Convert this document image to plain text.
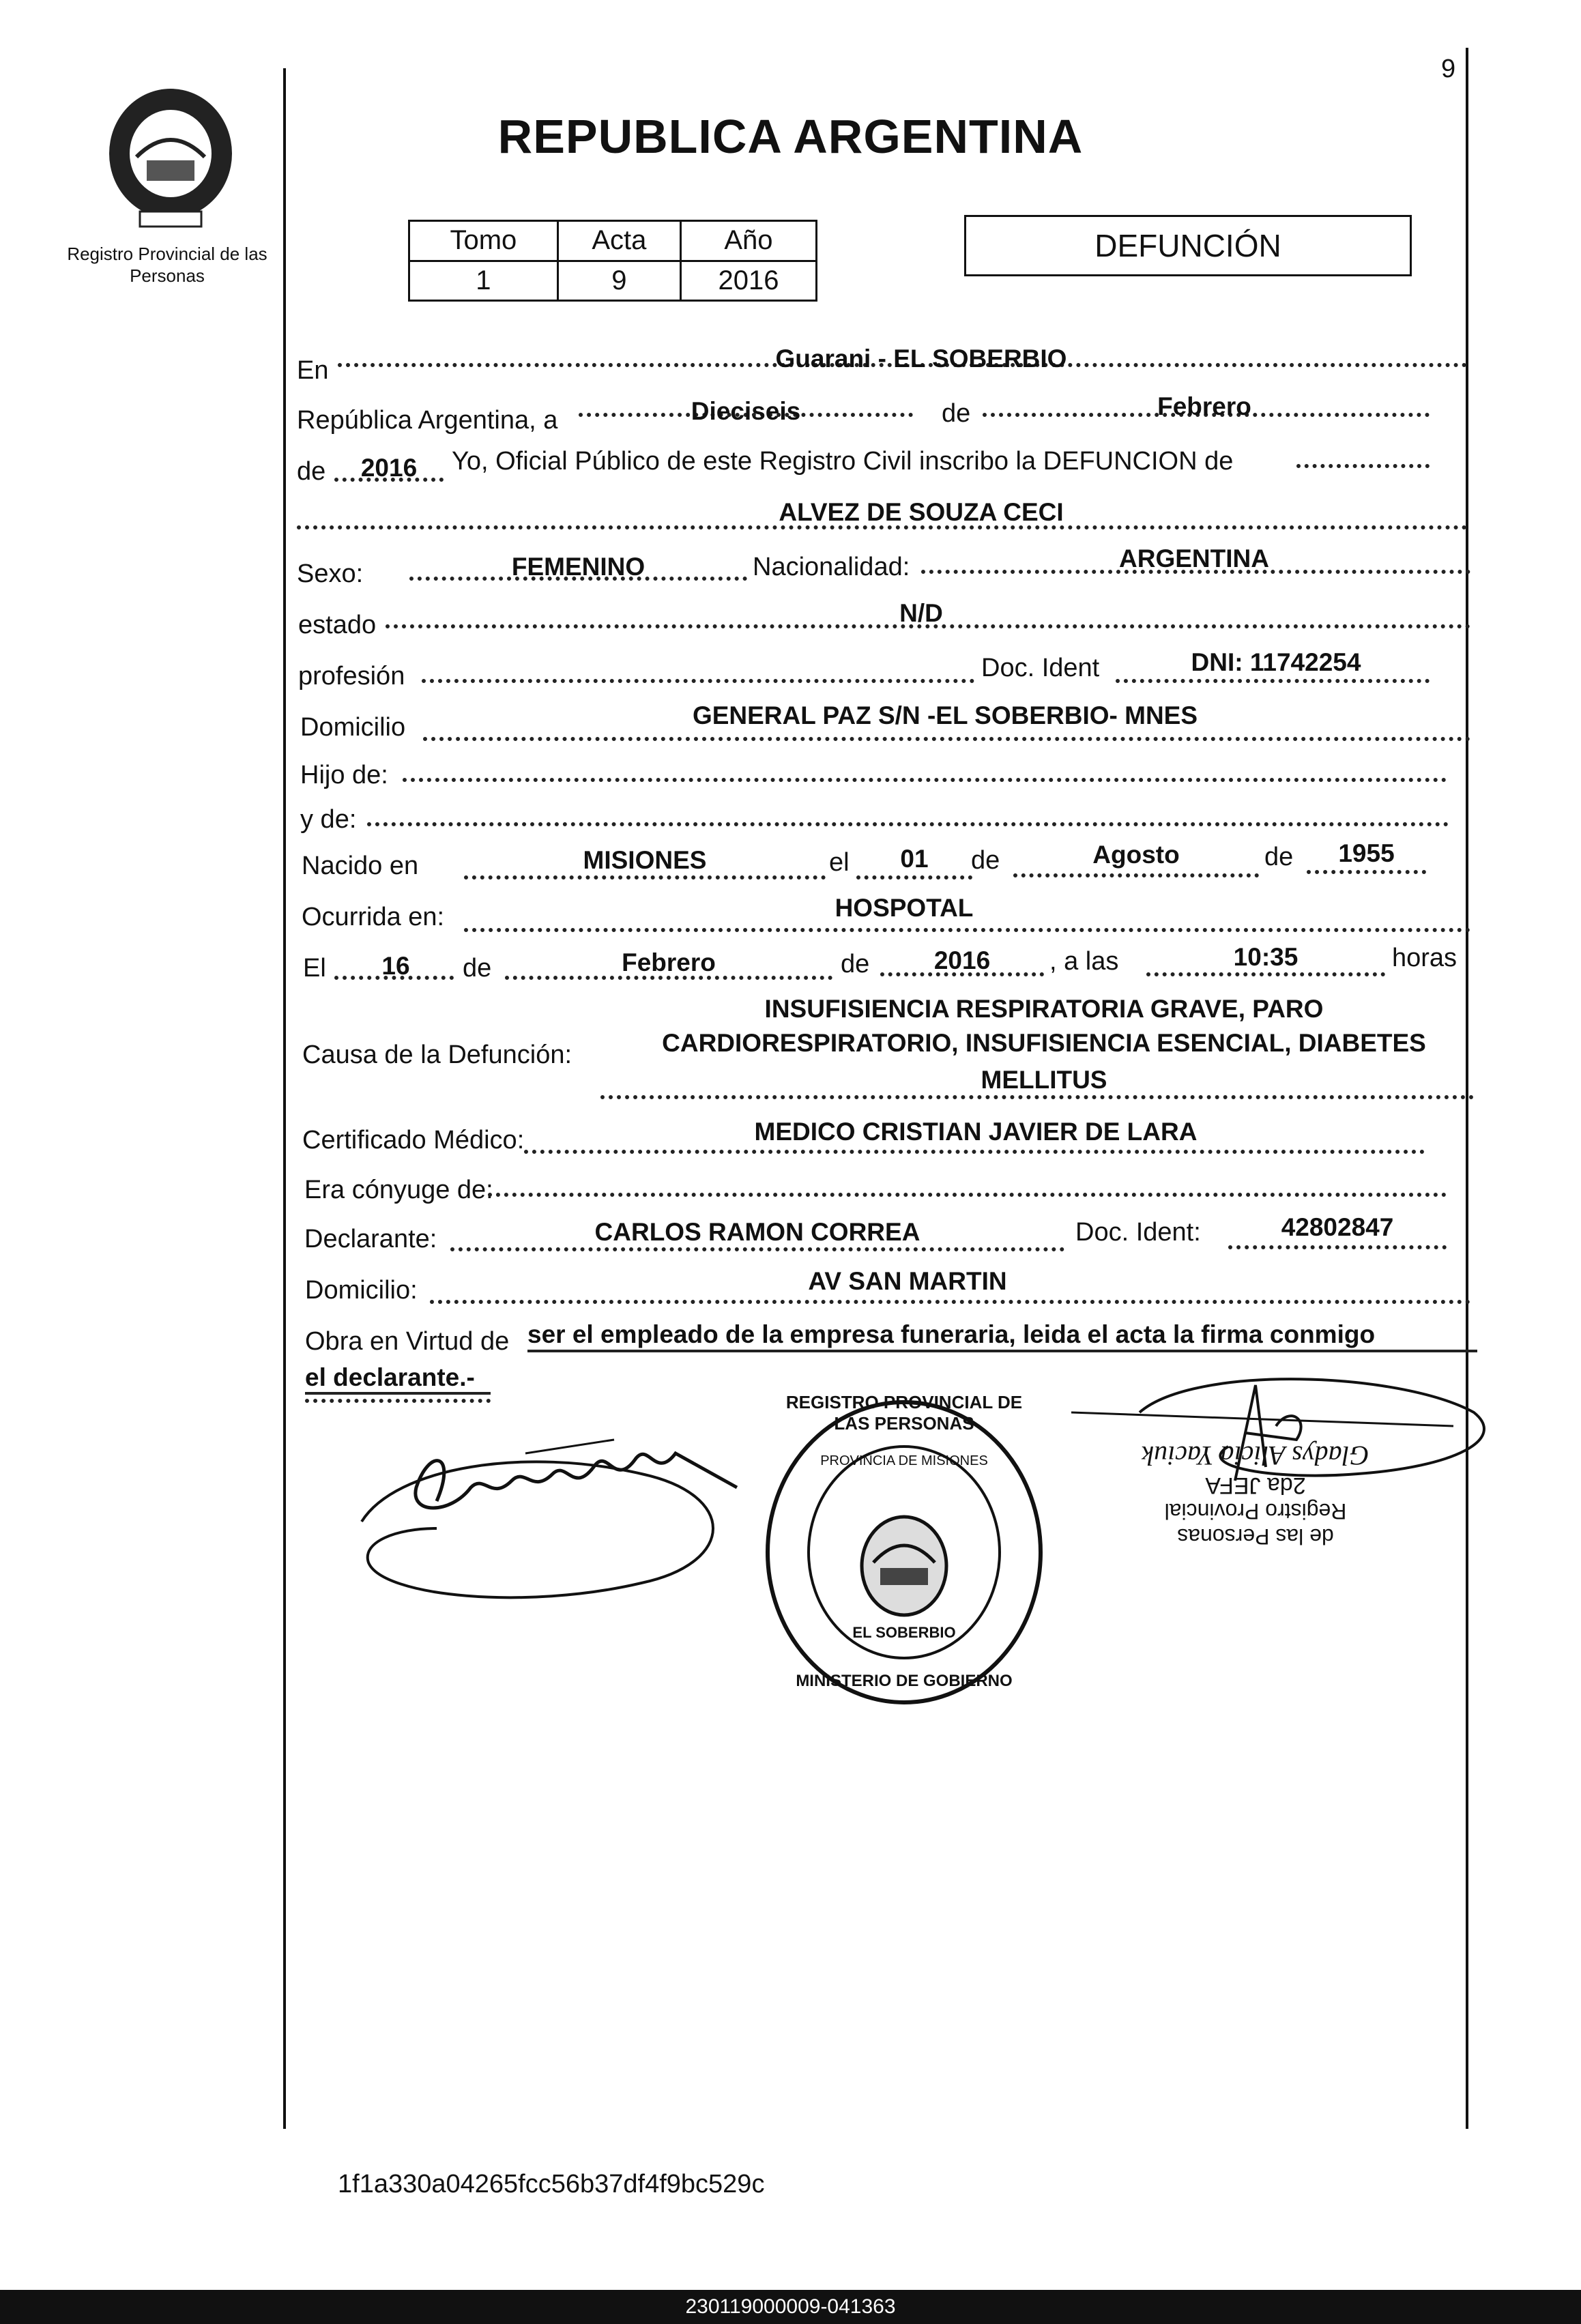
9
Registro Provincial de las Personas
REPUBLICA ARGENTINA
Tomo	Acta	Año
1	9	2016
DEFUNCIÓN
En	Guarani - EL SOBERBIO
República Argentina, a	Dieciseis	de	Febrero
de	2016	Yo, Oficial Público de este Registro Civil inscribo la DEFUNCION de
ALVEZ DE SOUZA CECI
Sexo:	FEMENINO	Nacionalidad:	ARGENTINA
estado	N/D
profesión	Doc. Ident	DNI: 11742254
Domicilio	GENERAL PAZ S/N -EL SOBERBIO- MNES
Hijo de:
y de:
Nacido en	MISIONES	el	01	de	Agosto	de	1955
Ocurrida en:	HOSPOTAL
El	16	de	Febrero	de	2016	, a las	10:35	horas
Causa de la Defunción:
INSUFISIENCIA RESPIRATORIA GRAVE, PARO
CARDIORESPIRATORIO, INSUFISIENCIA ESENCIAL, DIABETES
MELLITUS
Certificado Médico:	MEDICO CRISTIAN JAVIER DE LARA
Era cónyuge de:
Declarante:	CARLOS RAMON CORREA	Doc. Ident:	42802847
Domicilio:	AV SAN MARTIN
Obra en Virtud de ser el empleado de la empresa funeraria, leida el acta la firma conmigo
el declarante.-
REGISTRO PROVINCIAL DE LAS PERSONAS
PROVINCIA DE MISIONES
EL SOBERBIO
MINISTERIO DE GOBIERNO
de las Personas
Registro Provincial
2da JEFA
Gladys Alicia Yaciuk
1f1a330a04265fcc56b37df4f9bc529c
230119000009-041363
